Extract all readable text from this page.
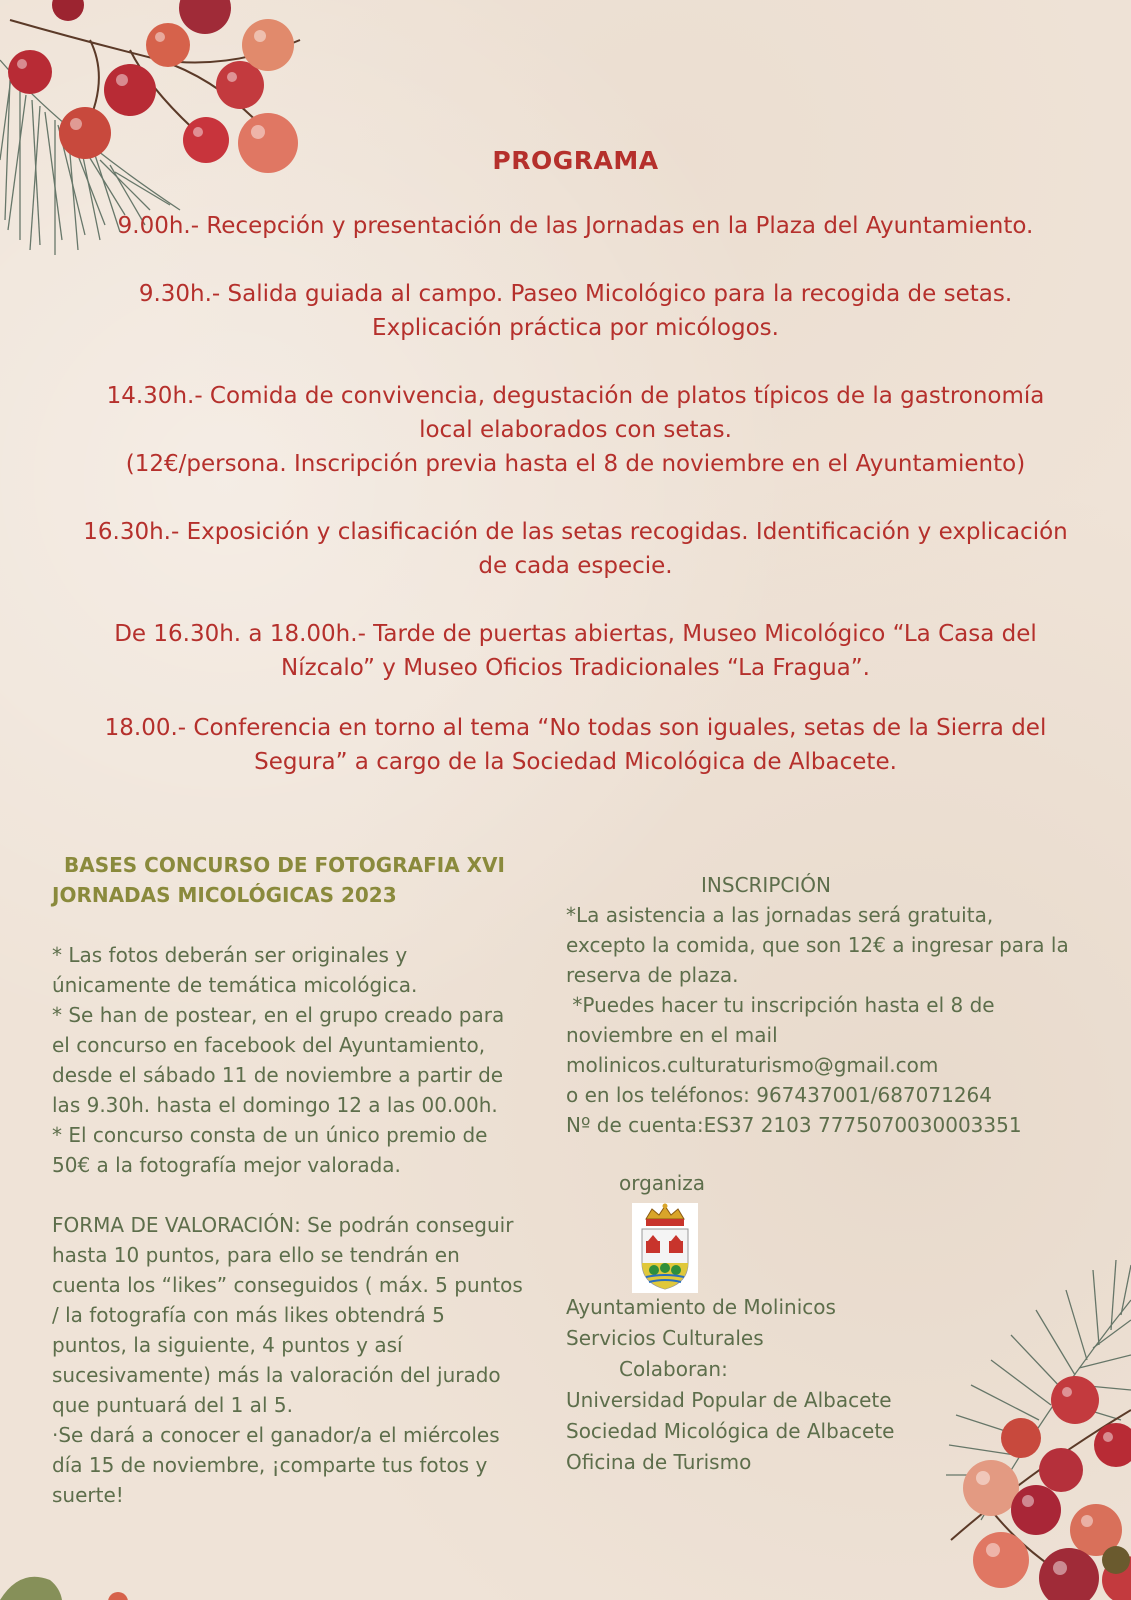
PROGRAMA

9.00h.- Recepción y presentación de las Jornadas en la Plaza del Ayuntamiento.

9.30h.- Salida guiada al campo. Paseo Micológico para la recogida de setas.
Explicación práctica por micólogos.

14.30h.- Comida de convivencia, degustación de platos típicos de la gastronomía
local elaborados con setas.
(12€/persona. Inscripción previa hasta el 8 de noviembre en el Ayuntamiento)

16.30h.- Exposición y clasificación de las setas recogidas. Identificación y explicación
de cada especie.

De 16.30h. a 18.00h.- Tarde de puertas abiertas, Museo Micológico “La Casa del
Nízcalo” y Museo Oficios Tradicionales “La Fragua”.

18.00.- Conferencia en torno al tema “No todas son iguales, setas de la Sierra del
Segura” a cargo de la Sociedad Micológica de Albacete.

BASES CONCURSO DE FOTOGRAFIA XVI
JORNADAS MICOLÓGICAS 2023
* Las fotos deberán ser originales y
únicamente de temática micológica.
* Se han de postear, en el grupo creado para
el concurso en facebook del Ayuntamiento,
desde el sábado 11 de noviembre a partir de
las 9.30h. hasta el domingo 12 a las 00.00h.
* El concurso consta de un único premio de
50€ a la fotografía mejor valorada.
FORMA DE VALORACIÓN: Se podrán conseguir
hasta 10 puntos, para ello se tendrán en
cuenta los “likes” conseguidos ( máx. 5 puntos
/ la fotografía con más likes obtendrá 5
puntos, la siguiente, 4 puntos y así
sucesivamente) más la valoración del jurado
que puntuará del 1 al 5.
·Se dará a conocer el ganador/a el miércoles
día 15 de noviembre, ¡comparte tus fotos y
suerte!
INSCRIPCIÓN
*La asistencia a las jornadas será gratuita,
excepto la comida, que son 12€ a ingresar para la
reserva de plaza.
*Puedes hacer tu inscripción hasta el 8 de
noviembre en el mail
molinicos.culturaturismo@gmail.com
o en los teléfonos: 967437001/687071264
Nº de cuenta:ES37 2103 7775070030003351
organiza
Ayuntamiento de Molinicos
Servicios Culturales
Colaboran:
Universidad Popular de Albacete
Sociedad Micológica de Albacete
Oficina de Turismo
